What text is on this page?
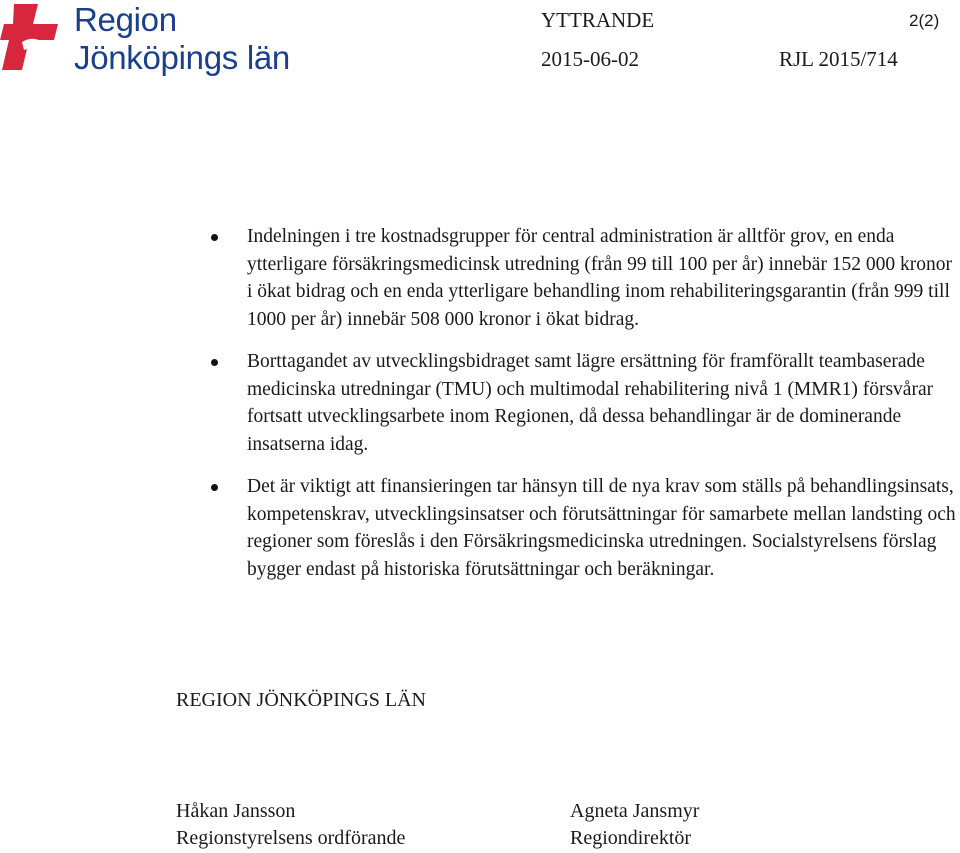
Region
Jönköpings län
YTTRANDE	2(2)
2015-06-02	RJL 2015/714
Indelningen i tre kostnadsgrupper för central administration är alltför grov, en enda ytterligare försäkringsmedicinsk utredning (från 99 till 100 per år) innebär 152 000 kronor i ökat bidrag och en enda ytterligare behandling inom rehabiliteringsgarantin (från 999 till 1000 per år) innebär 508 000 kronor i ökat bidrag.
Borttagandet av utvecklingsbidraget samt lägre ersättning för framförallt teambaserade medicinska utredningar (TMU) och multimodal rehabilitering nivå 1 (MMR1) försvårar fortsatt utvecklingsarbete inom Regionen, då dessa behandlingar är de dominerande insatserna idag.
Det är viktigt att finansieringen tar hänsyn till de nya krav som ställs på behandlingsinsats, kompetenskrav, utvecklingsinsatser och förutsättningar för samarbete mellan landsting och regioner som föreslås i den Försäkringsmedicinska utredningen. Socialstyrelsens förslag bygger endast på historiska förutsättningar och beräkningar.
REGION JÖNKÖPINGS LÄN
Håkan Jansson
Regionstyrelsens ordförande
Agneta Jansmyr
Regiondirektör
